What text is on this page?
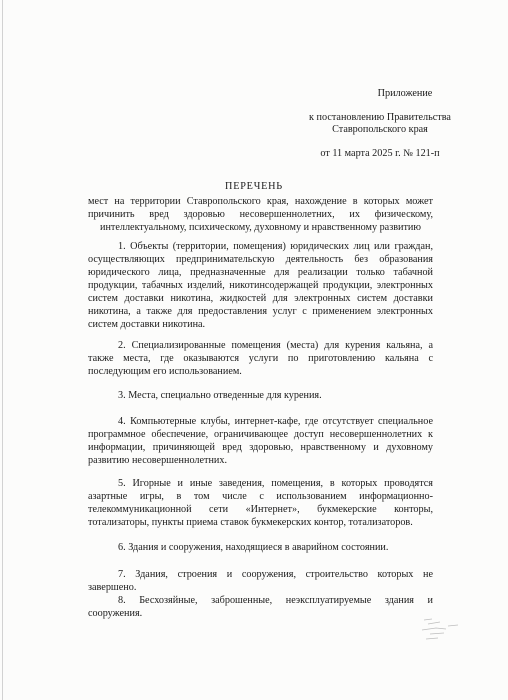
Приложение
к постановлению Правительства
Ставропольского края
от 11 марта 2025 г. № 121-п
ПЕРЕЧЕНЬ
мест на территории Ставропольского края, нахождение в которых может причинить вред здоровью несовершеннолетних, их физическому, интеллектуальному, психическому, духовному и нравственному развитию

1. Объекты (территории, помещения) юридических лиц или граждан, осуществляющих предпринимательскую деятельность без образования юридического лица, предназначенные для реализации только табачной продукции, табачных изделий, никотинсодержащей продукции, электронных систем доставки никотина, жидкостей для электронных систем доставки никотина, а также для предоставления услуг с применением электронных систем доставки никотина.

2. Специализированные помещения (места) для курения кальяна, а также места, где оказываются услуги по приготовлению кальяна с последующим его использованием.

3. Места, специально отведенные для курения.

4. Компьютерные клубы, интернет-кафе, где отсутствует специальное программное обеспечение, ограничивающее доступ несовершеннолетних к информации, причиняющей вред здоровью, нравственному и духовному развитию несовершеннолетних.

5. Игорные и иные заведения, помещения, в которых проводятся азартные игры, в том числе с использованием информационно-телекоммуникационной сети «Интернет», букмекерские конторы, тотализаторы, пункты приема ставок букмекерских контор, тотализаторов.

6. Здания и сооружения, находящиеся в аварийном состоянии.

7. Здания, строения и сооружения, строительство которых не завершено.

8. Бесхозяйные, заброшенные, неэксплуатируемые здания и сооружения.
